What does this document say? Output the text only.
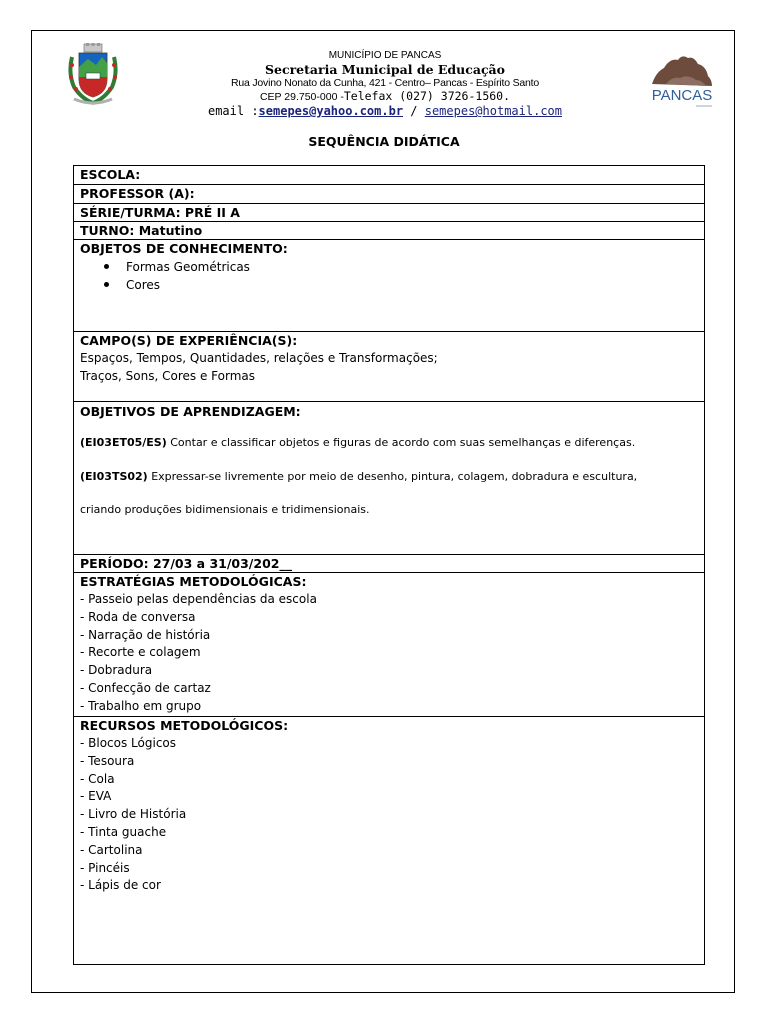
PANCAS
MUNICÍPIO DE PANCAS
Secretaria Municipal de Educação
Rua Jovino Nonato da Cunha, 421 - Centro– Pancas - Espírito Santo
CEP 29.750-000 -Telefax (027) 3726-1560.
email :semepes@yahoo.com.br / semepes@hotmail.com
SEQUÊNCIA DIDÁTICA
ESCOLA:
PROFESSOR (A):
SÉRIE/TURMA: PRÉ II A
TURNO: Matutino
OBJETOS DE CONHECIMENTO:
Formas Geométricas
Cores
CAMPO(S) DE EXPERIÊNCIA(S):
Espaços, Tempos, Quantidades, relações e Transformações;
Traços, Sons, Cores e Formas
OBJETIVOS DE APRENDIZAGEM:
(EI03ET05/ES) Contar e classificar objetos e figuras de acordo com suas semelhanças e diferenças.
(EI03TS02) Expressar-se livremente por meio de desenho, pintura, colagem, dobradura e escultura,
criando produções bidimensionais e tridimensionais.
PERÍODO: 27/03 a 31/03/202__
ESTRATÉGIAS METODOLÓGICAS:
- Passeio pelas dependências da escola
- Roda de conversa
- Narração de história
- Recorte e colagem
- Dobradura
- Confecção de cartaz
- Trabalho em grupo
RECURSOS METODOLÓGICOS:
- Blocos Lógicos
- Tesoura
- Cola
- EVA
- Livro de História
- Tinta guache
- Cartolina
- Pincéis
- Lápis de cor
